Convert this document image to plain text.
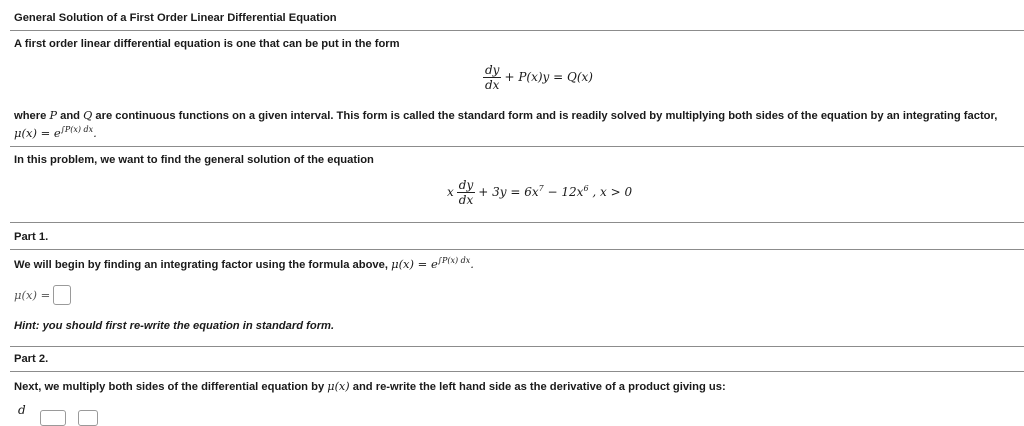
General Solution of a First Order Linear Differential Equation
A first order linear differential equation is one that can be put in the form
$\frac{dy}{dx} + P(x)y = Q(x)$
where P and Q are continuous functions on a given interval. This form is called the standard form and is readily solved by multiplying both sides of the equation by an integrating factor,
$\mu(x) = e^{\int P(x) dx}$.
In this problem, we want to find the general solution of the equation
x $\frac{dy}{dx} + 3y = 6x^7 - 12x^6$ , x > 0
Part 1.
We will begin by finding an integrating factor using the formula above, $\mu(x) = e^{\int P(x) dx}$.
μ(x) =
Hint: you should first re-write the equation in standard form.
Part 2.
Next, we multiply both sides of the differential equation by μ(x) and re-write the left hand side as the derivative of a product giving us:
d
